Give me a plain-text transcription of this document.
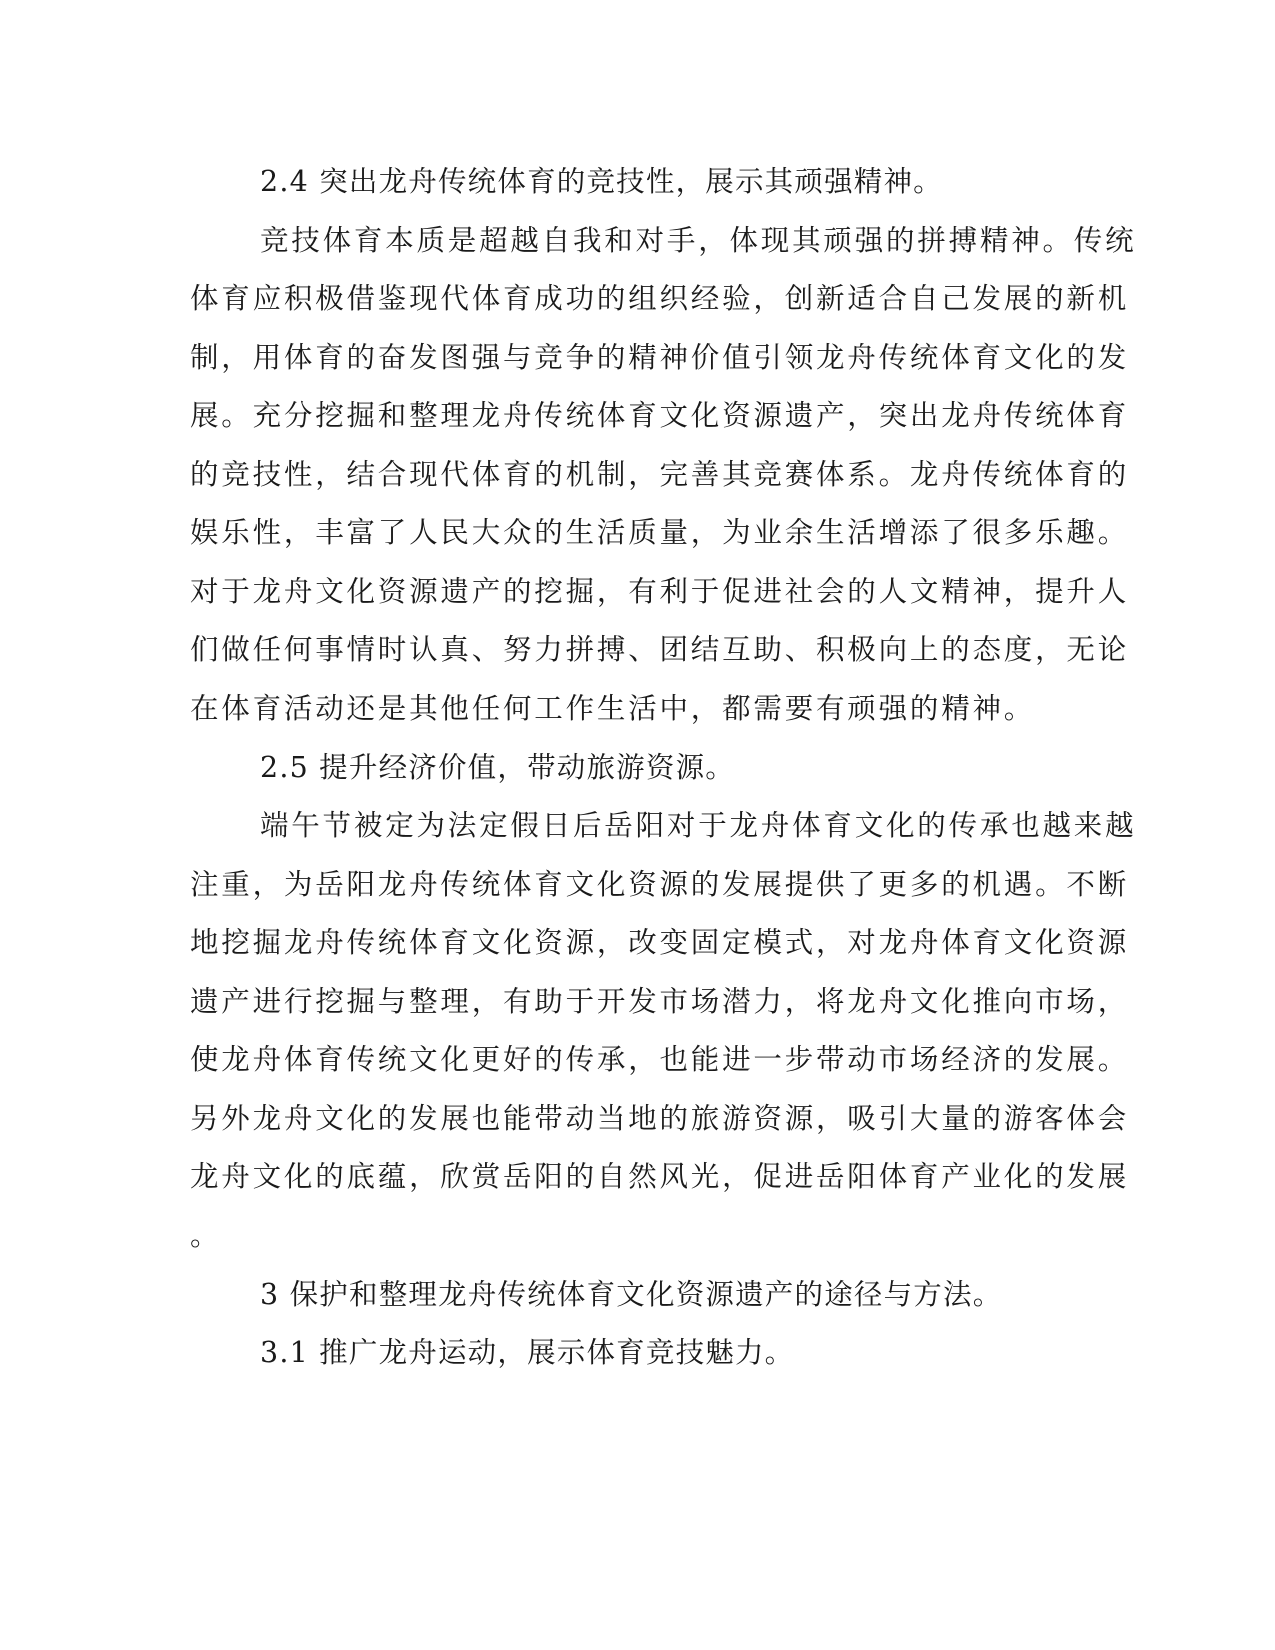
2.4 突出龙舟传统体育的竞技性，展示其顽强精神。
竞技体育本质是超越自我和对手，体现其顽强的拼搏精神。传统
体育应积极借鉴现代体育成功的组织经验，创新适合自己发展的新机
制，用体育的奋发图强与竞争的精神价值引领龙舟传统体育文化的发
展。充分挖掘和整理龙舟传统体育文化资源遗产，突出龙舟传统体育
的竞技性，结合现代体育的机制，完善其竞赛体系。龙舟传统体育的
娱乐性，丰富了人民大众的生活质量，为业余生活增添了很多乐趣。
对于龙舟文化资源遗产的挖掘，有利于促进社会的人文精神，提升人
们做任何事情时认真、努力拼搏、团结互助、积极向上的态度，无论
在体育活动还是其他任何工作生活中，都需要有顽强的精神。
2.5 提升经济价值，带动旅游资源。
端午节被定为法定假日后岳阳对于龙舟体育文化的传承也越来越
注重，为岳阳龙舟传统体育文化资源的发展提供了更多的机遇。不断
地挖掘龙舟传统体育文化资源，改变固定模式，对龙舟体育文化资源
遗产进行挖掘与整理，有助于开发市场潜力，将龙舟文化推向市场，
使龙舟体育传统文化更好的传承，也能进一步带动市场经济的发展。
另外龙舟文化的发展也能带动当地的旅游资源，吸引大量的游客体会
龙舟文化的底蕴，欣赏岳阳的自然风光，促进岳阳体育产业化的发展
。
3 保护和整理龙舟传统体育文化资源遗产的途径与方法。
3.1 推广龙舟运动，展示体育竞技魅力。
